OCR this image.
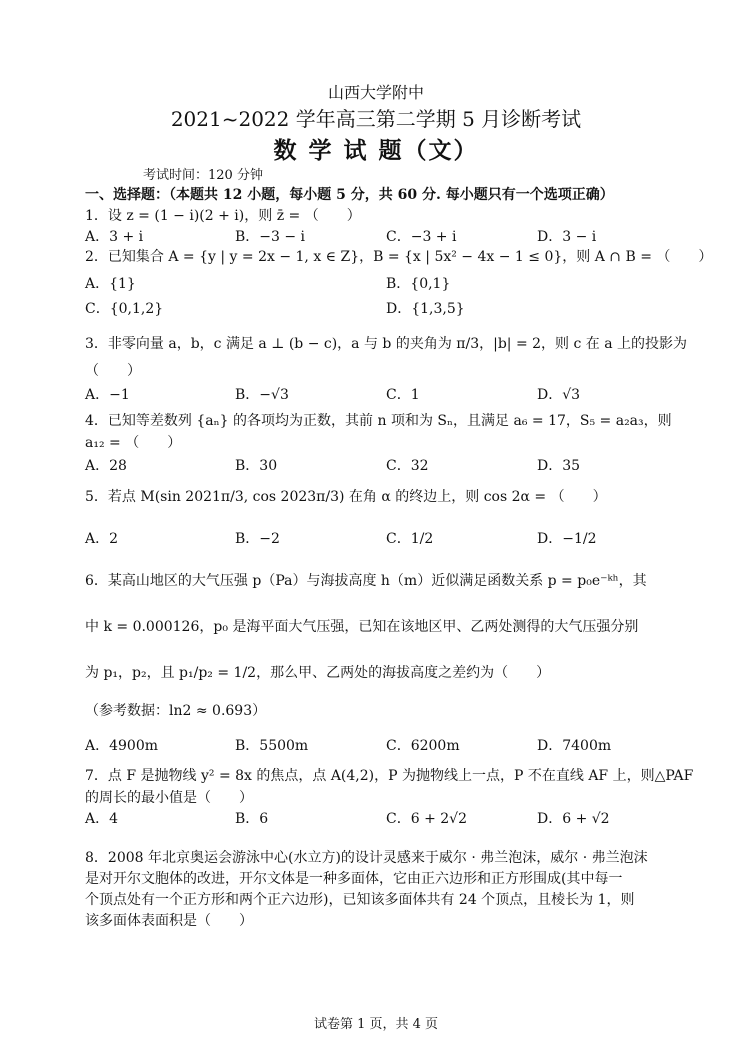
山西大学附中
2021~2022 学年高三第二学期 5 月诊断考试
数 学 试 题（文）
考试时间：120 分钟
一、选择题：（本题共 12 小题，每小题 5 分，共 60 分. 每小题只有一个选项正确）
1．设 z = (1 − i)(2 + i)，则 z̄ = （　　）
A．3 + i	B．−3 − i	C．−3 + i	D．3 − i
2．已知集合 A = {y | y = 2x − 1, x ∈ Z}，B = {x | 5x² − 4x − 1 ≤ 0}，则 A ∩ B = （　　）
A．{1}	B．{0,1}
C．{0,1,2}	D．{1,3,5}
3．非零向量 a，b，c 满足 a ⊥ (b − c)，a 与 b 的夹角为 π/3，|b| = 2，则 c 在 a 上的投影为
（　　）
A．−1	B．−√3	C．1	D．√3
4．已知等差数列 {aₙ} 的各项均为正数，其前 n 项和为 Sₙ，且满足 a₆ = 17，S₅ = a₂a₃，则
a₁₂ = （　　）
A．28	B．30	C．32	D．35
5．若点 M(sin 2021π/3, cos 2023π/3) 在角 α 的终边上，则 cos 2α = （　　）
A．2	B．−2	C．1/2	D．−1/2
6．某高山地区的大气压强 p（Pa）与海拔高度 h（m）近似满足函数关系 p = p₀e⁻ᵏʰ，其
中 k = 0.000126，p₀ 是海平面大气压强，已知在该地区甲、乙两处测得的大气压强分别
为 p₁，p₂，且 p₁/p₂ = 1/2，那么甲、乙两处的海拔高度之差约为（　　）
（参考数据：ln2 ≈ 0.693）
A．4900m	B．5500m	C．6200m	D．7400m
7．点 F 是抛物线 y² = 8x 的焦点，点 A(4,2)，P 为抛物线上一点，P 不在直线 AF 上，则△PAF
的周长的最小值是（　　）
A．4	B．6	C．6 + 2√2	D．6 + √2
8．2008 年北京奥运会游泳中心(水立方)的设计灵感来于威尔 · 弗兰泡沫，威尔 · 弗兰泡沫
是对开尔文胞体的改进，开尔文体是一种多面体，它由正六边形和正方形围成(其中每一
个顶点处有一个正方形和两个正六边形)，已知该多面体共有 24 个顶点，且棱长为 1，则
该多面体表面积是（　　）
试卷第 1 页，共 4 页
